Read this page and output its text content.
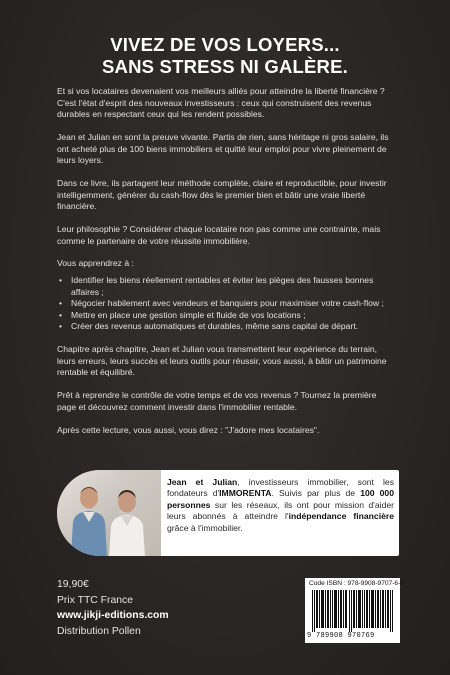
VIVEZ DE VOS LOYERS...
SANS STRESS NI GALÈRE.

Et si vos locataires devenaient vos meilleurs alliés pour atteindre la liberté financière ? C'est l'état d'esprit des nouveaux investisseurs : ceux qui construisent des revenus durables en respectant ceux qui les rendent possibles.

Jean et Julian en sont la preuve vivante. Partis de rien, sans héritage ni gros salaire, ils ont acheté plus de 100 biens immobiliers et quitté leur emploi pour vivre pleinement de leurs loyers.

Dans ce livre, ils partagent leur méthode complète, claire et reproductible, pour investir intelligemment, générer du cash-flow dès le premier bien et bâtir une vraie liberté financière.

Leur philosophie ? Considérer chaque locataire non pas comme une contrainte, mais comme le partenaire de votre réussite immobilière.

Vous apprendrez à :

• Identifier les biens réellement rentables et éviter les pièges des fausses bonnes affaires ;
• Négocier habilement avec vendeurs et banquiers pour maximiser votre cash-flow ;
• Mettre en place une gestion simple et fluide de vos locations ;
• Créer des revenus automatiques et durables, même sans capital de départ.

Chapitre après chapitre, Jean et Julian vous transmettent leur expérience du terrain, leurs erreurs, leurs succès et leurs outils pour réussir, vous aussi, à bâtir un patrimoine rentable et équilibré.

Prêt à reprendre le contrôle de votre temps et de vos revenus ? Tournez la première page et découvrez comment investir dans l'immobilier rentable.

Après cette lecture, vous aussi, vous direz : "J'adore mes locataires".

Jean et Julian, investisseurs immobilier, sont les fondateurs d'IMMORENTA. Suivis par plus de 100 000 personnes sur les réseaux, ils ont pour mission d'aider leurs abonnés à atteindre l'indépendance financière grâce à l'immobilier.
19,90€
Prix TTC France
www.jikji-editions.com
Distribution Pollen
Code ISBN : 978-9908-9707-6-9
9 789908 970769
